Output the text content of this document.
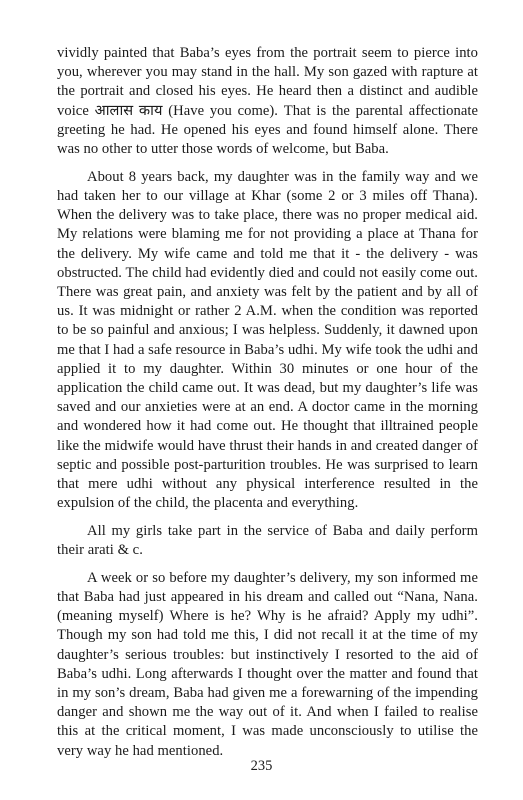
vividly painted that Baba’s eyes from the portrait seem to pierce into you, wherever you may stand in the hall. My son gazed with rapture at the portrait and closed his eyes. He heard then a distinct and audible voice आलास काय (Have you come). That is the parental affectionate greeting he had. He opened his eyes and found himself alone. There was no other to utter those words of welcome, but Baba.

About 8 years back, my daughter was in the family way and we had taken her to our village at Khar (some 2 or 3 miles off Thana). When the delivery was to take place, there was no proper medical aid. My relations were blaming me for not providing a place at Thana for the delivery. My wife came and told me that it - the delivery - was obstructed. The child had evidently died and could not easily come out. There was great pain, and anxiety was felt by the patient and by all of us. It was midnight or rather 2 A.M. when the condition was reported to be so painful and anxious; I was helpless. Suddenly, it dawned upon me that I had a safe resource in Baba’s udhi. My wife took the udhi and applied it to my daughter. Within 30 minutes or one hour of the application the child came out. It was dead, but my daughter’s life was saved and our anxieties were at an end. A doctor came in the morning and wondered how it had come out. He thought that illtrained people like the midwife would have thrust their hands in and created danger of septic and possible post-parturition troubles. He was surprised to learn that mere udhi without any physical interference resulted in the expulsion of the child, the placenta and everything.

All my girls take part in the service of Baba and daily perform their arati & c.

A week or so before my daughter’s delivery, my son informed me that Baba had just appeared in his dream and called out “Nana, Nana. (meaning myself) Where is he? Why is he afraid? Apply my udhi”. Though my son had told me this, I did not recall it at the time of my daughter’s serious troubles: but instinctively I resorted to the aid of Baba’s udhi. Long afterwards I thought over the matter and found that in my son’s dream, Baba had given me a forewarning of the impending danger and shown me the way out of it. And when I failed to realise this at the critical moment, I was made unconsciously to utilise the very way he had mentioned.

235
